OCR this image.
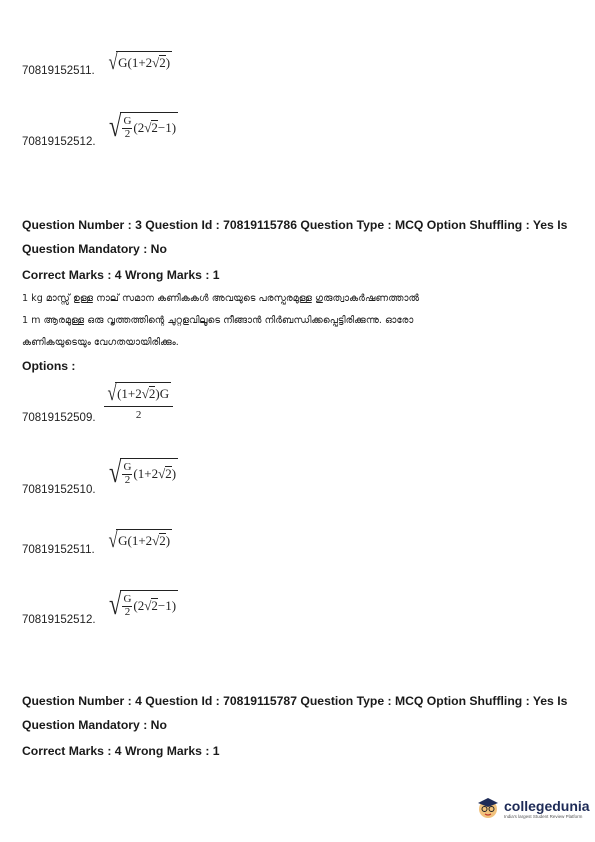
70819152511. √ G ( 1+2 √ 2 )
70819152512. √ $\frac{G}{2}$ ( 2 √ 2 −1 )
Question Number : 3 Question Id : 70819115786 Question Type : MCQ Option Shuffling : Yes Is
Question Mandatory : No
Correct Marks : 4 Wrong Marks : 1
1 kg മാസ്സ് ഉള്ള നാല് സമാന കണികകൾ അവയുടെ പരസ്പരമുള്ള ഗുരുത്വാകർഷണത്താൽ
1 m ആരമുള്ള ഒരു വൃത്തത്തിന്റെ ചുറ്റളവിലൂടെ നീങ്ങാൻ നിർബന്ധിക്കപ്പെട്ടിരിക്കുന്നു. ഓരോ
കണികയുടെയും വേഗതയായിരിക്കും.
Options :
70819152509.
√ ( 1+2 √ 2 ) G
2
70819152510.
√ $\frac{G}{2}$ ( 1+2 √ 2 )
70819152511. √ G ( 1+2 √ 2 )
70819152512. √ $\frac{G}{2}$ ( 2 √ 2 −1 )
Question Number : 4 Question Id : 70819115787 Question Type : MCQ Option Shuffling : Yes Is
Question Mandatory : No
Correct Marks : 4 Wrong Marks : 1
collegedunia
India's largest Student Review Platform
